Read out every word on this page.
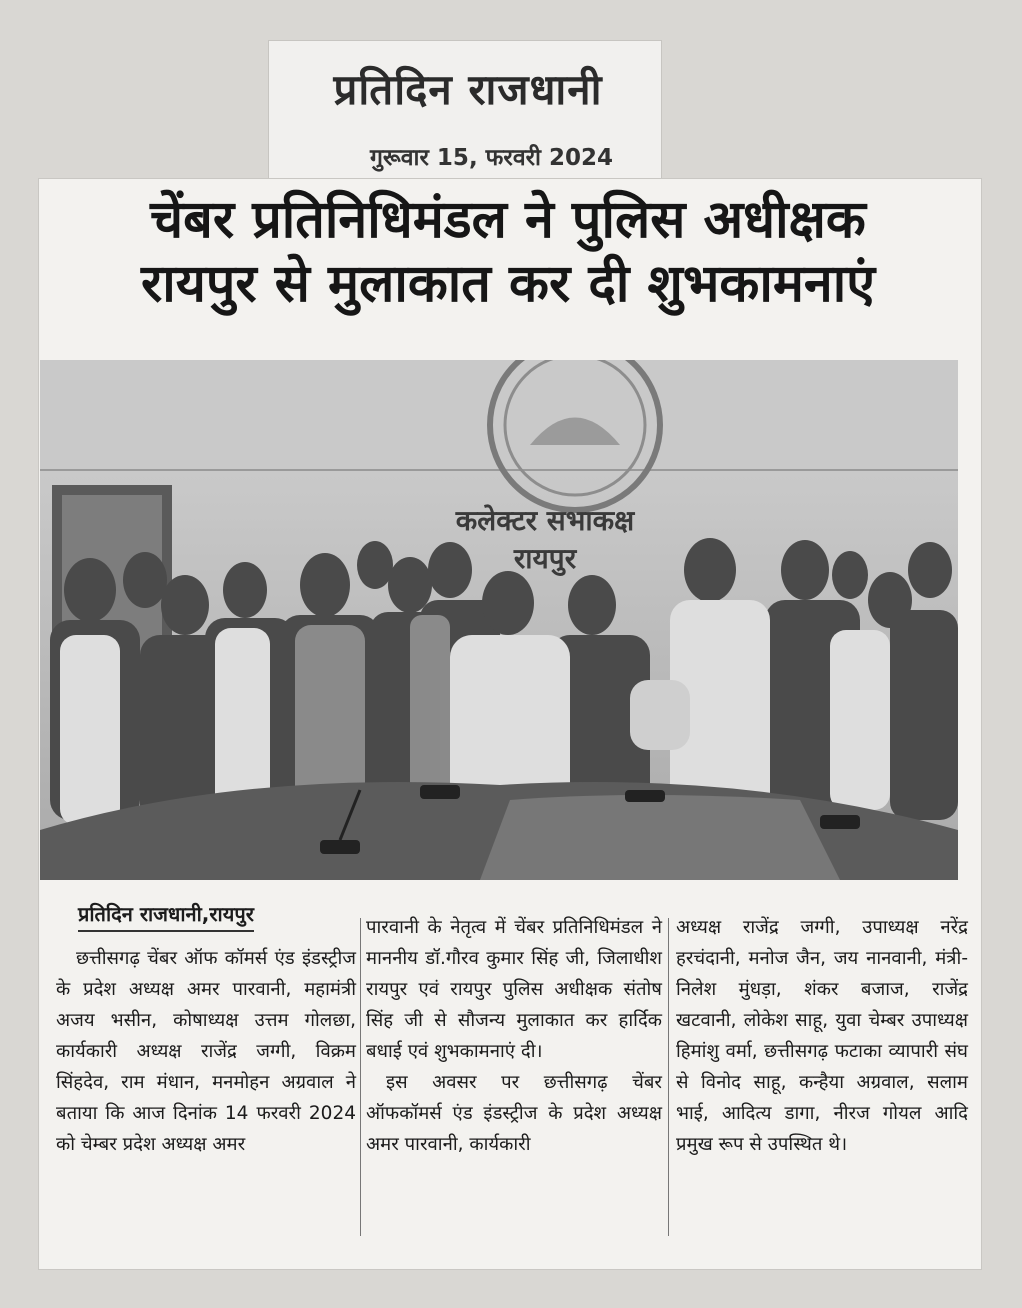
प्रतिदिन राजधानी
गुरूवार 15, फरवरी 2024
चेंबर प्रतिनिधिमंडल ने पुलिस अधीक्षक
रायपुर से मुलाकात कर दी शुभकामनाएं
कलेक्टर सभाकक्ष
रायपुर
प्रतिदिन राजधानी,रायपुर

छत्तीसगढ़ चेंबर ऑफ कॉमर्स एंड इंडस्ट्रीज के प्रदेश अध्यक्ष अमर पारवानी, महामंत्री अजय भसीन, कोषाध्यक्ष उत्तम गोलछा, कार्यकारी अध्यक्ष राजेंद्र जग्गी, विक्रम सिंहदेव, राम मंधान, मनमोहन अग्रवाल ने बताया कि आज दिनांक 14 फरवरी 2024 को चेम्बर प्रदेश अध्यक्ष अमर

पारवानी के नेतृत्व में चेंबर प्रतिनिधिमंडल ने माननीय डॉ.गौरव कुमार सिंह जी, जिलाधीश रायपुर एवं रायपुर पुलिस अधीक्षक संतोष सिंह जी से सौजन्य मुलाकात कर हार्दिक बधाई एवं शुभकामनाएं दी।

इस अवसर पर छत्तीसगढ़ चेंबर ऑफकॉमर्स एंड इंडस्ट्रीज के प्रदेश अध्यक्ष अमर पारवानी, कार्यकारी

अध्यक्ष राजेंद्र जग्गी, उपाध्यक्ष नरेंद्र हरचंदानी, मनोज जैन, जय नानवानी, मंत्री- निलेश मुंधड़ा, शंकर बजाज, राजेंद्र खटवानी, लोकेश साहू, युवा चेम्बर उपाध्यक्ष हिमांशु वर्मा, छत्तीसगढ़ फटाका व्यापारी संघ से विनोद साहू, कन्हैया अग्रवाल, सलाम भाई, आदित्य डागा, नीरज गोयल आदि प्रमुख रूप से उपस्थित थे।
